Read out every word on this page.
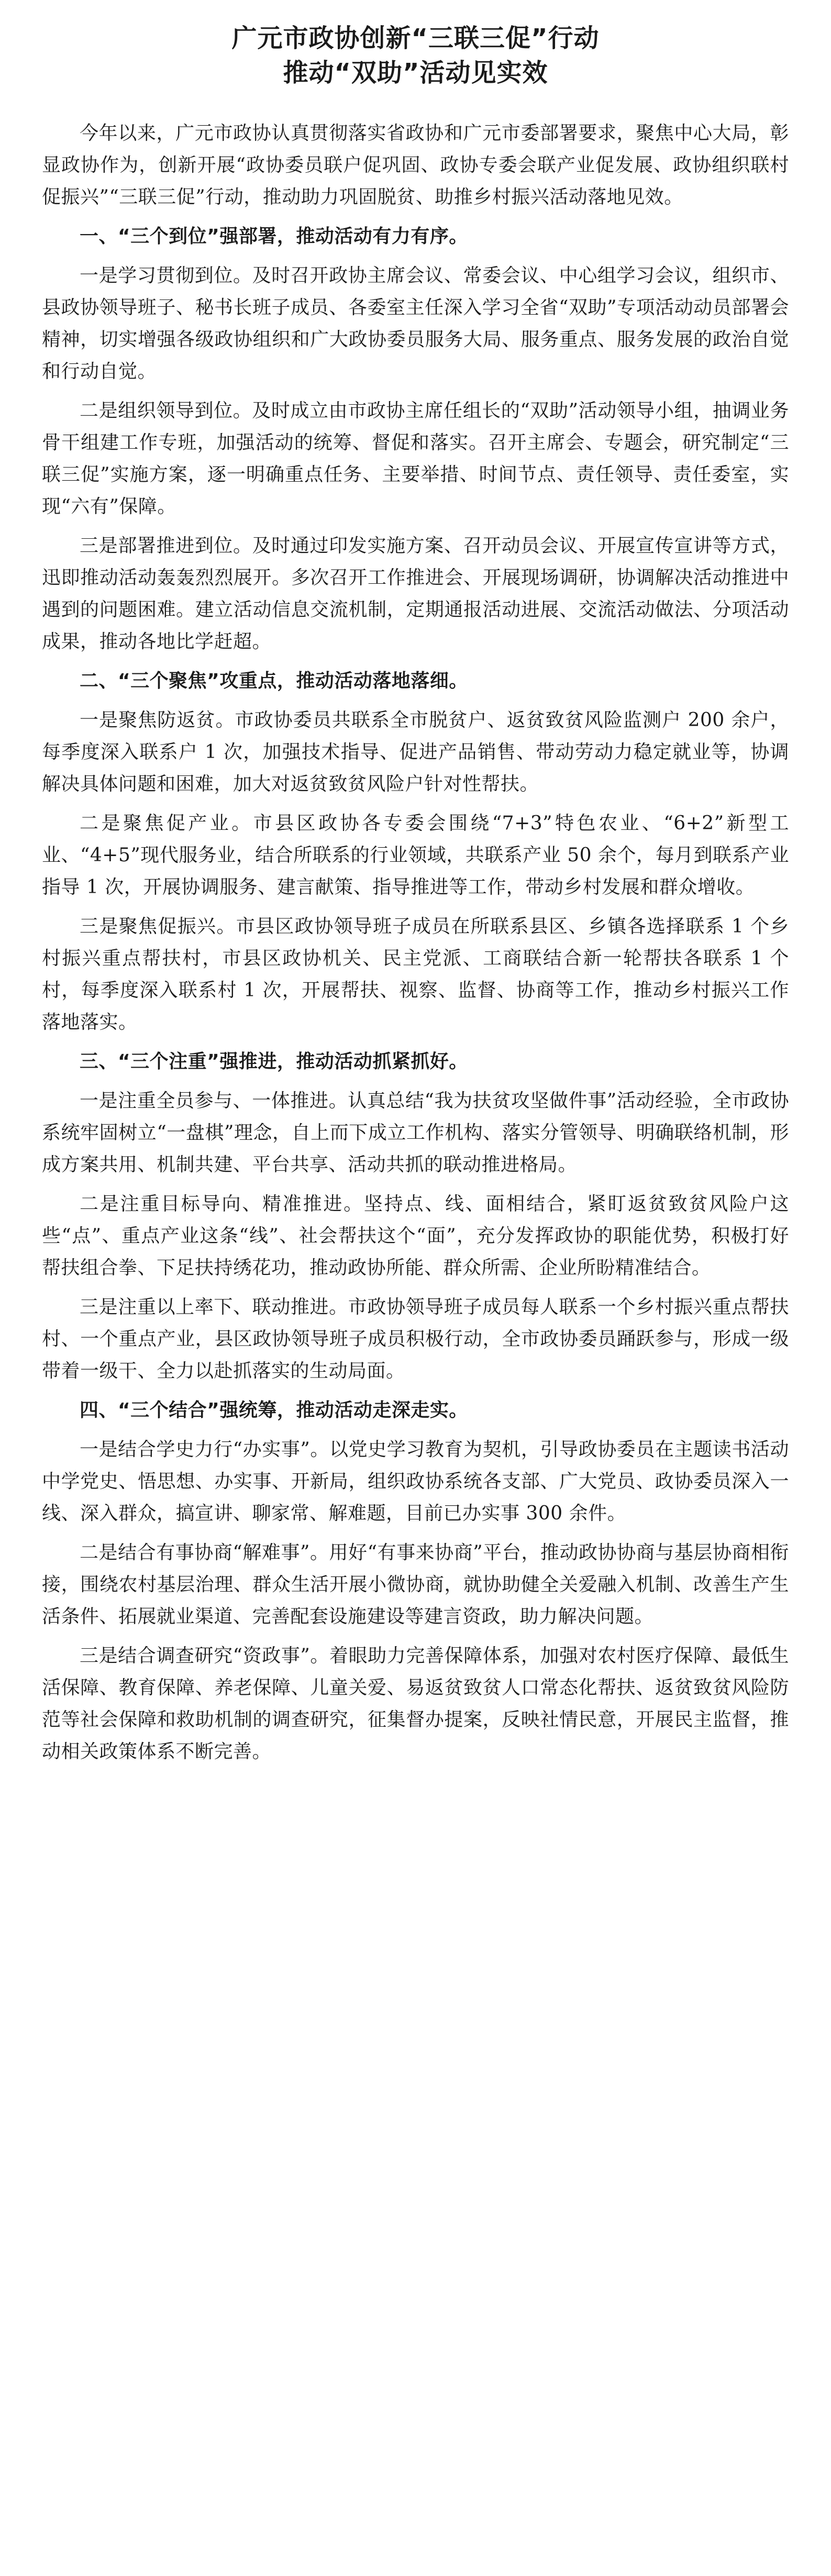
广元市政协创新“三联三促”行动
推动“双助”活动见实效

今年以来，广元市政协认真贯彻落实省政协和广元市委部署要求，聚焦中心大局，彰显政协作为，创新开展“政协委员联户促巩固、政协专委会联产业促发展、政协组织联村促振兴”“三联三促”行动，推动助力巩固脱贫、助推乡村振兴活动落地见效。

一、“三个到位”强部署，推动活动有力有序。

一是学习贯彻到位。及时召开政协主席会议、常委会议、中心组学习会议，组织市、县政协领导班子、秘书长班子成员、各委室主任深入学习全省“双助”专项活动动员部署会精神，切实增强各级政协组织和广大政协委员服务大局、服务重点、服务发展的政治自觉和行动自觉。

二是组织领导到位。及时成立由市政协主席任组长的“双助”活动领导小组，抽调业务骨干组建工作专班，加强活动的统筹、督促和落实。召开主席会、专题会，研究制定“三联三促”实施方案，逐一明确重点任务、主要举措、时间节点、责任领导、责任委室，实现“六有”保障。

三是部署推进到位。及时通过印发实施方案、召开动员会议、开展宣传宣讲等方式，迅即推动活动轰轰烈烈展开。多次召开工作推进会、开展现场调研，协调解决活动推进中遇到的问题困难。建立活动信息交流机制，定期通报活动进展、交流活动做法、分项活动成果，推动各地比学赶超。

二、“三个聚焦”攻重点，推动活动落地落细。

一是聚焦防返贫。市政协委员共联系全市脱贫户、返贫致贫风险监测户 200 余户，每季度深入联系户 1 次，加强技术指导、促进产品销售、带动劳动力稳定就业等，协调解决具体问题和困难，加大对返贫致贫风险户针对性帮扶。

二是聚焦促产业。市县区政协各专委会围绕“7+3”特色农业、“6+2”新型工业、“4+5”现代服务业，结合所联系的行业领域，共联系产业 50 余个，每月到联系产业指导 1 次，开展协调服务、建言献策、指导推进等工作，带动乡村发展和群众增收。

三是聚焦促振兴。市县区政协领导班子成员在所联系县区、乡镇各选择联系 1 个乡村振兴重点帮扶村，市县区政协机关、民主党派、工商联结合新一轮帮扶各联系 1 个村，每季度深入联系村 1 次，开展帮扶、视察、监督、协商等工作，推动乡村振兴工作落地落实。

三、“三个注重”强推进，推动活动抓紧抓好。

一是注重全员参与、一体推进。认真总结“我为扶贫攻坚做件事”活动经验，全市政协系统牢固树立“一盘棋”理念，自上而下成立工作机构、落实分管领导、明确联络机制，形成方案共用、机制共建、平台共享、活动共抓的联动推进格局。

二是注重目标导向、精准推进。坚持点、线、面相结合，紧盯返贫致贫风险户这些“点”、重点产业这条“线”、社会帮扶这个“面”，充分发挥政协的职能优势，积极打好帮扶组合拳、下足扶持绣花功，推动政协所能、群众所需、企业所盼精准结合。

三是注重以上率下、联动推进。市政协领导班子成员每人联系一个乡村振兴重点帮扶村、一个重点产业，县区政协领导班子成员积极行动，全市政协委员踊跃参与，形成一级带着一级干、全力以赴抓落实的生动局面。

四、“三个结合”强统筹，推动活动走深走实。

一是结合学史力行“办实事”。以党史学习教育为契机，引导政协委员在主题读书活动中学党史、悟思想、办实事、开新局，组织政协系统各支部、广大党员、政协委员深入一线、深入群众，搞宣讲、聊家常、解难题，目前已办实事 300 余件。

二是结合有事协商“解难事”。用好“有事来协商”平台，推动政协协商与基层协商相衔接，围绕农村基层治理、群众生活开展小微协商，就协助健全关爱融入机制、改善生产生活条件、拓展就业渠道、完善配套设施建设等建言资政，助力解决问题。

三是结合调查研究“资政事”。着眼助力完善保障体系，加强对农村医疗保障、最低生活保障、教育保障、养老保障、儿童关爱、易返贫致贫人口常态化帮扶、返贫致贫风险防范等社会保障和救助机制的调查研究，征集督办提案，反映社情民意，开展民主监督，推动相关政策体系不断完善。
